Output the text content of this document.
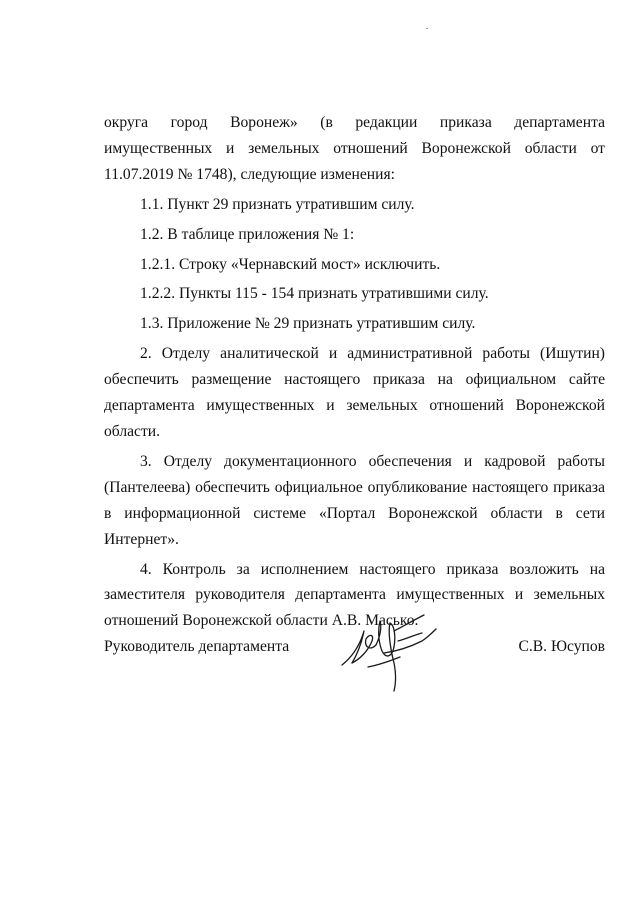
округа город Воронеж» (в редакции приказа департамента имущественных и земельных отношений Воронежской области от 11.07.2019 № 1748), следующие изменения:

1.1. Пункт 29 признать утратившим силу.

1.2. В таблице приложения № 1:

1.2.1. Строку «Чернавский мост» исключить.

1.2.2. Пункты 115 - 154 признать утратившими силу.

1.3. Приложение № 29 признать утратившим силу.

2. Отделу аналитической и административной работы (Ишутин) обеспечить размещение настоящего приказа на официальном сайте департамента имущественных и земельных отношений Воронежской области.

3. Отделу документационного обеспечения и кадровой работы (Пантелеева) обеспечить официальное опубликование настоящего приказа в информационной системе «Портал Воронежской области в сети Интернет».

4. Контроль за исполнением настоящего приказа возложить на заместителя руководителя департамента имущественных и земельных отношений Воронежской области А.В. Масько.

Руководитель департамента	С.В. Юсупов
